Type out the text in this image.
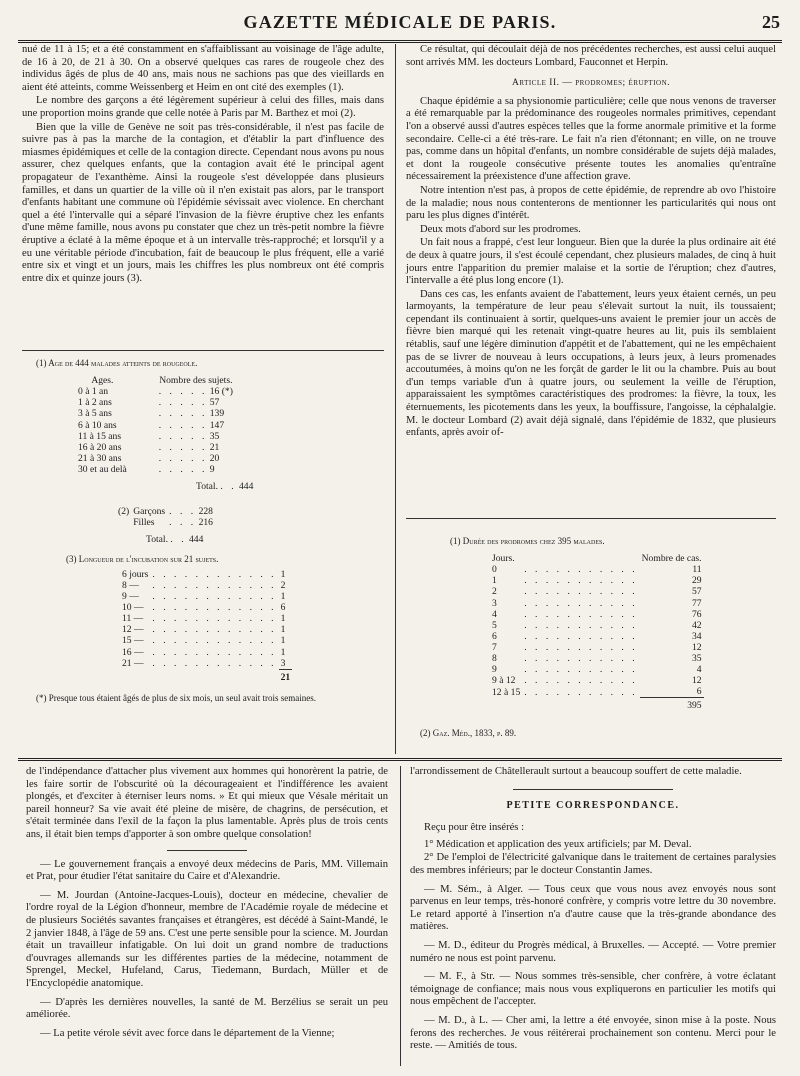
GAZETTE MÉDICALE DE PARIS.	25

nué de 11 à 15; et a été constamment en s'affaiblissant au voisinage de l'âge adulte, de 16 à 20, de 21 à 30. On a observé quelques cas rares de rougeole chez des individus âgés de plus de 40 ans, mais nous ne sachions pas que des vieillards en aient été atteints, comme Weissenberg et Heim en ont cité des exemples (1).

Le nombre des garçons a été légèrement supérieur à celui des filles, mais dans une proportion moins grande que celle notée à Paris par M. Barthez et moi (2).

Bien que la ville de Genève ne soit pas très-considérable, il n'est pas facile de suivre pas à pas la marche de la contagion, et d'établir la part d'influence des miasmes épidémiques et celle de la contagion directe. Cependant nous avons pu nous assurer, chez quelques enfants, que la contagion avait été le principal agent propagateur de l'exanthème. Ainsi la rougeole s'est développée dans plusieurs familles, et dans un quartier de la ville où il n'en existait pas alors, par le transport d'enfants habitant une commune où l'épidémie sévissait avec violence. En cherchant quel a été l'intervalle qui a séparé l'invasion de la fièvre éruptive chez les enfants d'une même famille, nous avons pu constater que chez un très-petit nombre la fièvre éruptive a éclaté à la même époque et à un intervalle très-rapproché; et lorsqu'il y a eu une véritable période d'incubation, fait de beaucoup le plus fréquent, elle a varié entre six et vingt et un jours, mais les chiffres les plus nombreux ont été compris entre dix et quinze jours (3).

Ce résultat, qui découlait déjà de nos précédentes recherches, est aussi celui auquel sont arrivés MM. les docteurs Lombard, Fauconnet et Herpin.

Article II. — prodromes; éruption.

Chaque épidémie a sa physionomie particulière; celle que nous venons de traverser a été remarquable par la prédominance des rougeoles normales primitives, cependant l'on a observé aussi d'autres espèces telles que la forme anormale primitive et la forme secondaire. Celle-ci a été très-rare. Le fait n'a rien d'étonnant; en ville, on ne trouve pas, comme dans un hôpital d'enfants, un nombre considérable de sujets déjà malades, et dont la rougeole consécutive présente toutes les anomalies qu'entraîne nécessairement la préexistence d'une affection grave.

Notre intention n'est pas, à propos de cette épidémie, de reprendre ab ovo l'histoire de la maladie; nous nous contenterons de mentionner les particularités qui nous ont paru les plus dignes d'intérêt.

Deux mots d'abord sur les prodromes.

Un fait nous a frappé, c'est leur longueur. Bien que la durée la plus ordinaire ait été de deux à quatre jours, il s'est écoulé cependant, chez plusieurs malades, de cinq à huit jours entre l'apparition du premier malaise et la sortie de l'éruption; chez d'autres, l'intervalle a été plus long encore (1).

Dans ces cas, les enfants avaient de l'abattement, leurs yeux étaient cernés, un peu larmoyants, la température de leur peau s'élevait surtout la nuit, ils toussaient; cependant ils continuaient à sortir, quelques-uns avaient le premier jour un accès de fièvre bien marqué qui les retenait vingt-quatre heures au lit, puis ils semblaient rétablis, sauf une légère diminution d'appétit et de l'abattement, qui ne les empêchaient pas de se livrer de nouveau à leurs occupations, à leurs jeux, à leurs promenades accoutumées, à moins qu'on ne les forçât de garder le lit ou la chambre. Puis au bout d'un temps variable d'un à quatre jours, ou seulement la veille de l'éruption, apparaissaient les symptômes caractéristiques des prodromes: la fièvre, la toux, les éternuements, les picotements dans les yeux, la bouffissure, l'angoisse, la céphalalgie. M. le docteur Lombard (2) avait déjà signalé, dans l'épidémie de 1832, que plusieurs enfants, après avoir of-

(1) Age de 444 malades atteints de rougeole.
Ages.	Nombre des sujets.
0 à 1 an	. . . . . 16 (*)
1 à 2 ans	. . . . . 57
3 à 5 ans	. . . . . 139
6 à 10 ans	. . . . . 147
11 à 15 ans	. . . . . 35
16 à 20 ans	. . . . . 21
21 à 30 ans	. . . . . 20
30 et au delà	. . . . . 9
Total. . . 444
(2)	Garçons	. . . 228
	Filles	. . . 216
Total. . . 444
(3) Longueur de l'incubation sur 21 sujets.
6 jours	. . . . . . . . . . . .	1
8 —	. . . . . . . . . . . .	2
9 —	. . . . . . . . . . . .	1
10 —	. . . . . . . . . . . .	6
11 —	. . . . . . . . . . . .	1
12 —	. . . . . . . . . . . .	1
15 —	. . . . . . . . . . . .	1
16 —	. . . . . . . . . . . .	1
21 —	. . . . . . . . . . . .	3
		21
(*) Presque tous étaient âgés de plus de six mois, un seul avait trois semaines.
(1) Durée des prodromes chez 395 malades.
Jours.		Nombre de cas.
0	. . . . . . . . . . .	11
1	. . . . . . . . . . .	29
2	. . . . . . . . . . .	57
3	. . . . . . . . . . .	77
4	. . . . . . . . . . .	76
5	. . . . . . . . . . .	42
6	. . . . . . . . . . .	34
7	. . . . . . . . . . .	12
8	. . . . . . . . . . .	35
9	. . . . . . . . . . .	4
9 à 12	. . . . . . . . . . .	12
12 à 15	. . . . . . . . . . .	6
		395
(2) Gaz. Méd., 1833, p. 89.

de l'indépendance d'attacher plus vivement aux hommes qui honorèrent la patrie, de les faire sortir de l'obscurité où la décourageaient et l'indifférence les avaient plongés, et d'exciter à éterniser leurs noms. » Et qui mieux que Vésale méritait un pareil honneur? Sa vie avait été pleine de misère, de chagrins, de persécution, et s'était terminée dans l'exil de la façon la plus lamentable. Après plus de trois cents ans, il était bien temps d'apporter à son ombre quelque consolation!

— Le gouvernement français a envoyé deux médecins de Paris, MM. Villemain et Prat, pour étudier l'état sanitaire du Caire et d'Alexandrie.

— M. Jourdan (Antoine-Jacques-Louis), docteur en médecine, chevalier de l'ordre royal de la Légion d'honneur, membre de l'Académie royale de médecine et de plusieurs Sociétés savantes françaises et étrangères, est décédé à Saint-Mandé, le 2 janvier 1848, à l'âge de 59 ans. C'est une perte sensible pour la science. M. Jourdan était un travailleur infatigable. On lui doit un grand nombre de traductions d'ouvrages allemands sur les différentes parties de la médecine, notamment de Sprengel, Meckel, Hufeland, Carus, Tiedemann, Burdach, Müller et de l'Encyclopédie anatomique.

— D'après les dernières nouvelles, la santé de M. Berzélius se serait un peu améliorée.

— La petite vérole sévit avec force dans le département de la Vienne;

l'arrondissement de Châtellerault surtout a beaucoup souffert de cette maladie.

PETITE CORRESPONDANCE.

Reçu pour être insérés :

1° Médication et application des yeux artificiels; par M. Deval.

2° De l'emploi de l'électricité galvanique dans le traitement de certaines paralysies des membres inférieurs; par le docteur Constantin James.

— M. Sém., à Alger. — Tous ceux que vous nous avez envoyés nous sont parvenus en leur temps, très-honoré confrère, y compris votre lettre du 30 novembre. Le retard apporté à l'insertion n'a d'autre cause que la très-grande abondance des matières.

— M. D., éditeur du Progrès médical, à Bruxelles. — Accepté. — Votre premier numéro ne nous est point parvenu.

— M. F., à Str. — Nous sommes très-sensible, cher confrère, à votre éclatant témoignage de confiance; mais nous vous expliquerons en particulier les motifs qui nous empêchent de l'accepter.

— M. D., à L. — Cher ami, la lettre a été envoyée, sinon mise à la poste. Nous ferons des recherches. Je vous réitérerai prochainement son contenu. Merci pour le reste. — Amitiés de tous.
